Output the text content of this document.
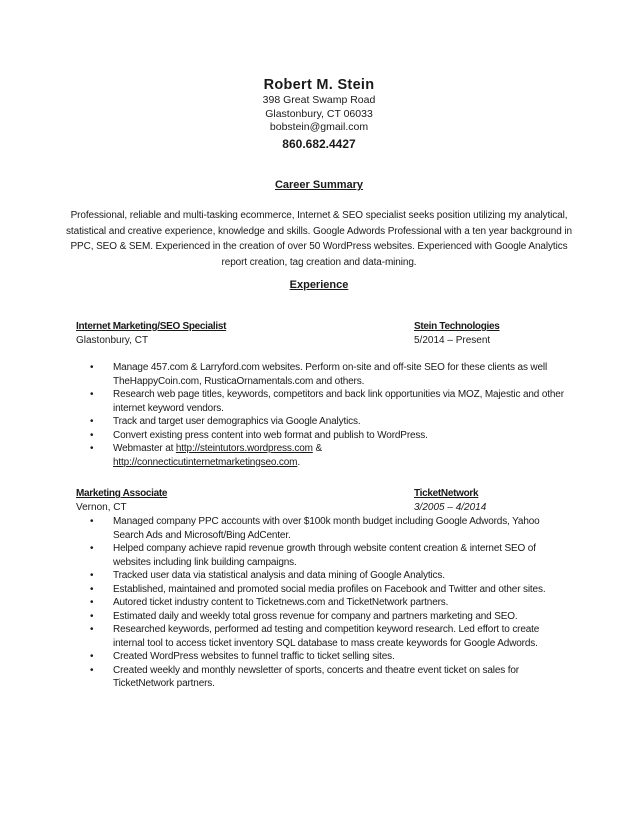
Robert M. Stein
398 Great Swamp Road
Glastonbury, CT 06033
bobstein@gmail.com
860.682.4427
Career Summary
Professional, reliable and multi-tasking ecommerce, Internet & SEO specialist seeks position utilizing my analytical, statistical and creative experience, knowledge and skills. Google Adwords Professional with a ten year background in PPC, SEO & SEM. Experienced in the creation of over 50 WordPress websites. Experienced with Google Analytics report creation, tag creation and data-mining.
Experience
Internet Marketing/SEO Specialist	Stein Technologies
Glastonbury, CT	5/2014 – Present
• Manage 457.com & Larryford.com websites. Perform on-site and off-site SEO for these clients as well TheHappyCoin.com, RusticaOrnamentals.com and others.
• Research web page titles, keywords, competitors and back link opportunities via MOZ, Majestic and other internet keyword vendors.
• Track and target user demographics via Google Analytics.
• Convert existing press content into web format and publish to WordPress.
• Webmaster at http://steintutors.wordpress.com &
http://connecticutinternetmarketingseo.com.
Marketing Associate	TicketNetwork
Vernon, CT	3/2005 – 4/2014
• Managed company PPC accounts with over $100k month budget including Google Adwords, Yahoo Search Ads and Microsoft/Bing AdCenter.
• Helped company achieve rapid revenue growth through website content creation & internet SEO of websites including link building campaigns.
• Tracked user data via statistical analysis and data mining of Google Analytics.
• Established, maintained and promoted social media profiles on Facebook and Twitter and other sites.
• Autored ticket industry content to Ticketnews.com and TicketNetwork partners.
• Estimated daily and weekly total gross revenue for company and partners marketing and SEO.
• Researched keywords, performed ad testing and competition keyword research. Led effort to create internal tool to access ticket inventory SQL database to mass create keywords for Google Adwords.
• Created WordPress websites to funnel traffic to ticket selling sites.
• Created weekly and monthly newsletter of sports, concerts and theatre event ticket on sales for TicketNetwork partners.
